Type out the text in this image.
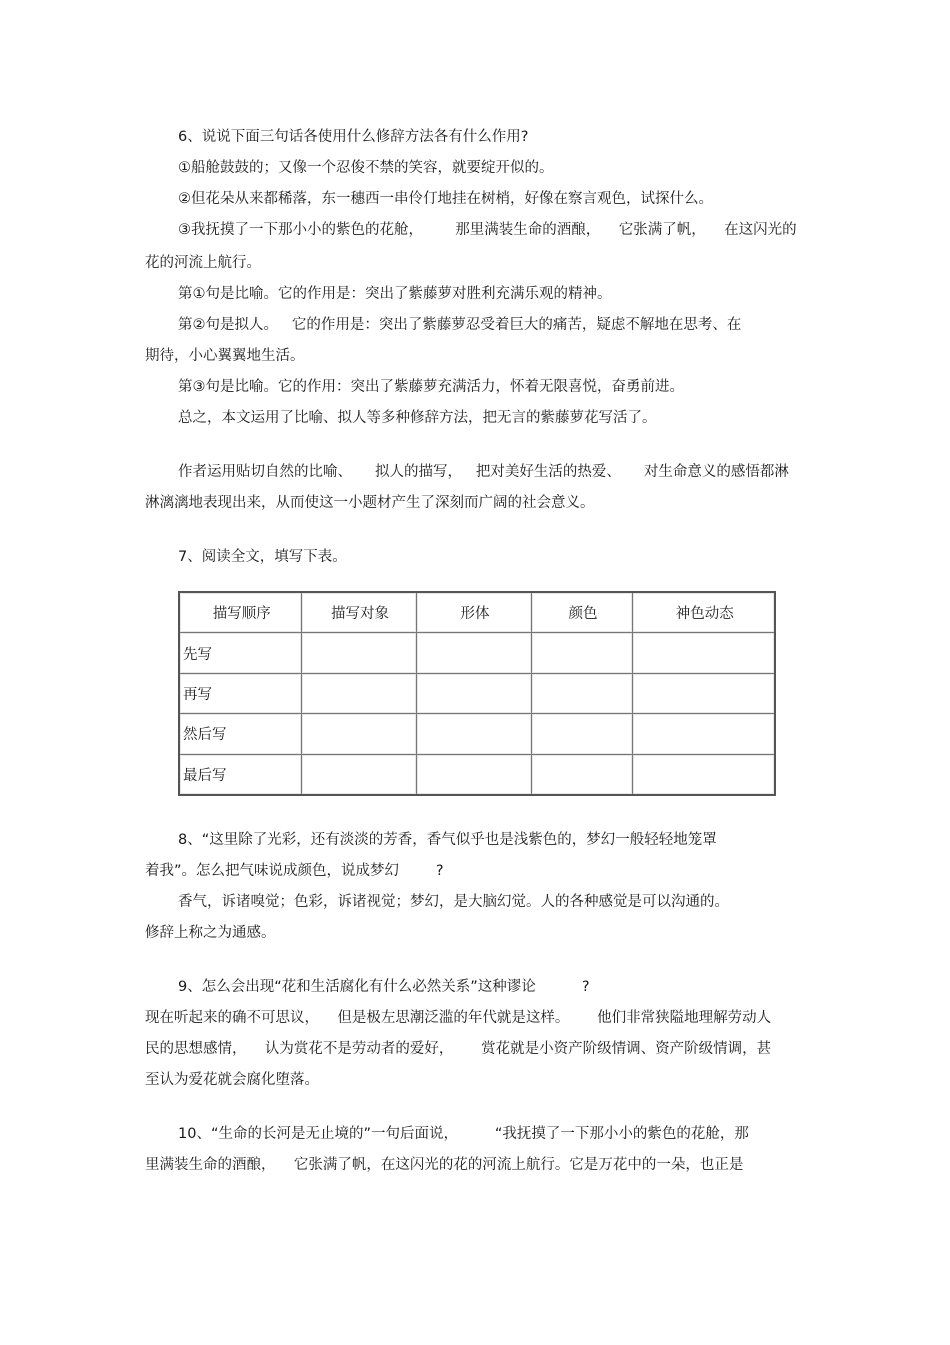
6、说说下面三句话各使用什么修辞方法各有什么作用?
①船舱鼓鼓的；又像一个忍俊不禁的笑容，就要绽开似的。
②但花朵从来都稀落，东一穗西一串伶仃地挂在树梢，好像在察言观色，试探什么。
③我抚摸了一下那小小的紫色的花舱，       那里满装生命的酒酿，    它张满了帆，    在这闪光的
花的河流上航行。
第①句是比喻。它的作用是：突出了紫藤萝对胜利充满乐观的精神。
第②句是拟人。   它的作用是：突出了紫藤萝忍受着巨大的痛苦，疑虑不解地在思考、在
期待，小心翼翼地生活。
第③句是比喻。它的作用：突出了紫藤萝充满活力，怀着无限喜悦，奋勇前进。
总之，本文运用了比喻、拟人等多种修辞方法，把无言的紫藤萝花写活了。
作者运用贴切自然的比喻、     拟人的描写，   把对美好生活的热爱、     对生命意义的感悟都淋
淋漓漓地表现出来，从而使这一小题材产生了深刻而广阔的社会意义。
7、阅读全文，填写下表。
描写顺序	描写对象	形体	颜色	神色动态
先写				
再写				
然后写				
最后写				
8、“这里除了光彩，还有淡淡的芳香，香气似乎也是浅紫色的，梦幻一般轻轻地笼罩
着我”。怎么把气味说成颜色，说成梦幻        ?
香气，诉诸嗅觉；色彩，诉诸视觉；梦幻，是大脑幻觉。人的各种感觉是可以沟通的。
修辞上称之为通感。
9、怎么会出现“花和生活腐化有什么必然关系”这种谬论          ?
现在听起来的确不可思议，    但是极左思潮泛滥的年代就是这样。      他们非常狭隘地理解劳动人
民的思想感情，    认为赏花不是劳动者的爱好，      赏花就是小资产阶级情调、资产阶级情调，甚
至认为爱花就会腐化堕落。
10、“生命的长河是无止境的”一句后面说，        “我抚摸了一下那小小的紫色的花舱，那
里满装生命的酒酿，    它张满了帆，在这闪光的花的河流上航行。它是万花中的一朵，也正是
